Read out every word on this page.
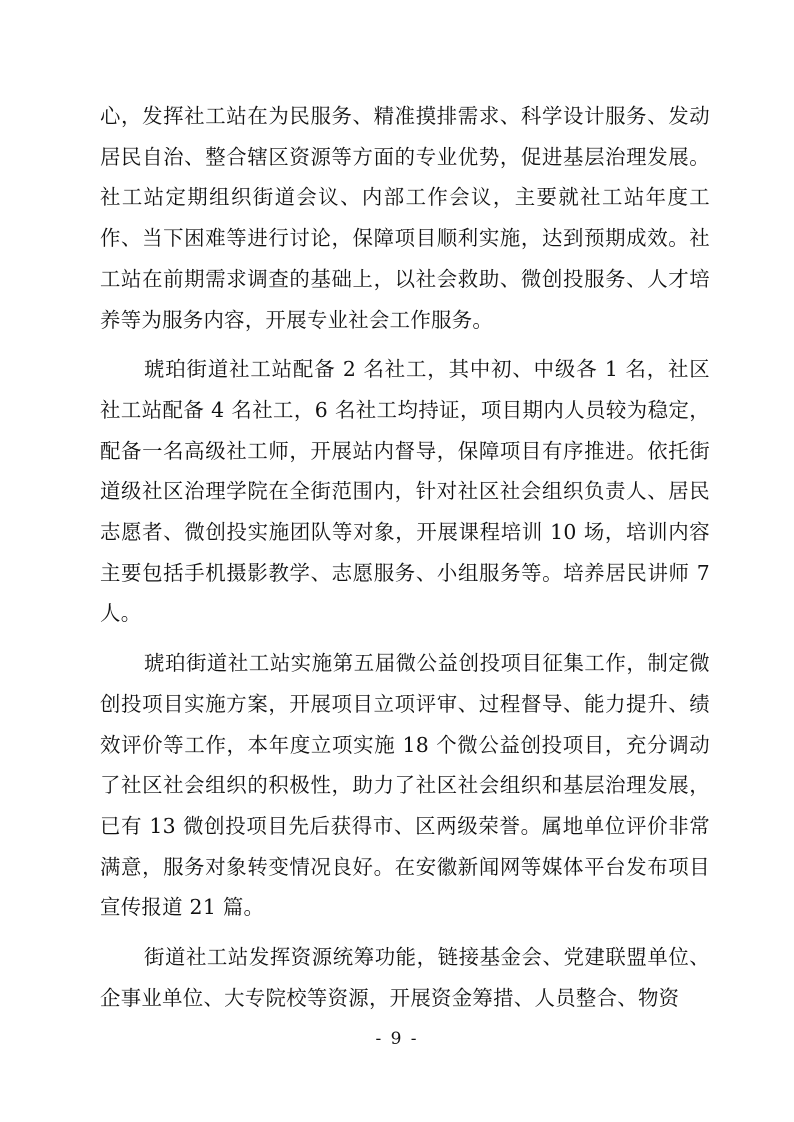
心，发挥社工站在为民服务、精准摸排需求、科学设计服务、发动居民自治、整合辖区资源等方面的专业优势，促进基层治理发展。社工站定期组织街道会议、内部工作会议，主要就社工站年度工作、当下困难等进行讨论，保障项目顺利实施，达到预期成效。社工站在前期需求调查的基础上，以社会救助、微创投服务、人才培养等为服务内容，开展专业社会工作服务。

琥珀街道社工站配备 2 名社工，其中初、中级各 1 名，社区社工站配备 4 名社工，6 名社工均持证，项目期内人员较为稳定，配备一名高级社工师，开展站内督导，保障项目有序推进。依托街道级社区治理学院在全街范围内，针对社区社会组织负责人、居民志愿者、微创投实施团队等对象，开展课程培训 10 场，培训内容主要包括手机摄影教学、志愿服务、小组服务等。培养居民讲师 7 人。

琥珀街道社工站实施第五届微公益创投项目征集工作，制定微创投项目实施方案，开展项目立项评审、过程督导、能力提升、绩效评价等工作，本年度立项实施 18 个微公益创投项目，充分调动了社区社会组织的积极性，助力了社区社会组织和基层治理发展，已有 13 微创投项目先后获得市、区两级荣誉。属地单位评价非常满意，服务对象转变情况良好。在安徽新闻网等媒体平台发布项目宣传报道 21 篇。

街道社工站发挥资源统筹功能，链接基金会、党建联盟单位、企事业单位、大专院校等资源，开展资金筹措、人员整合、物资

- 9 -
